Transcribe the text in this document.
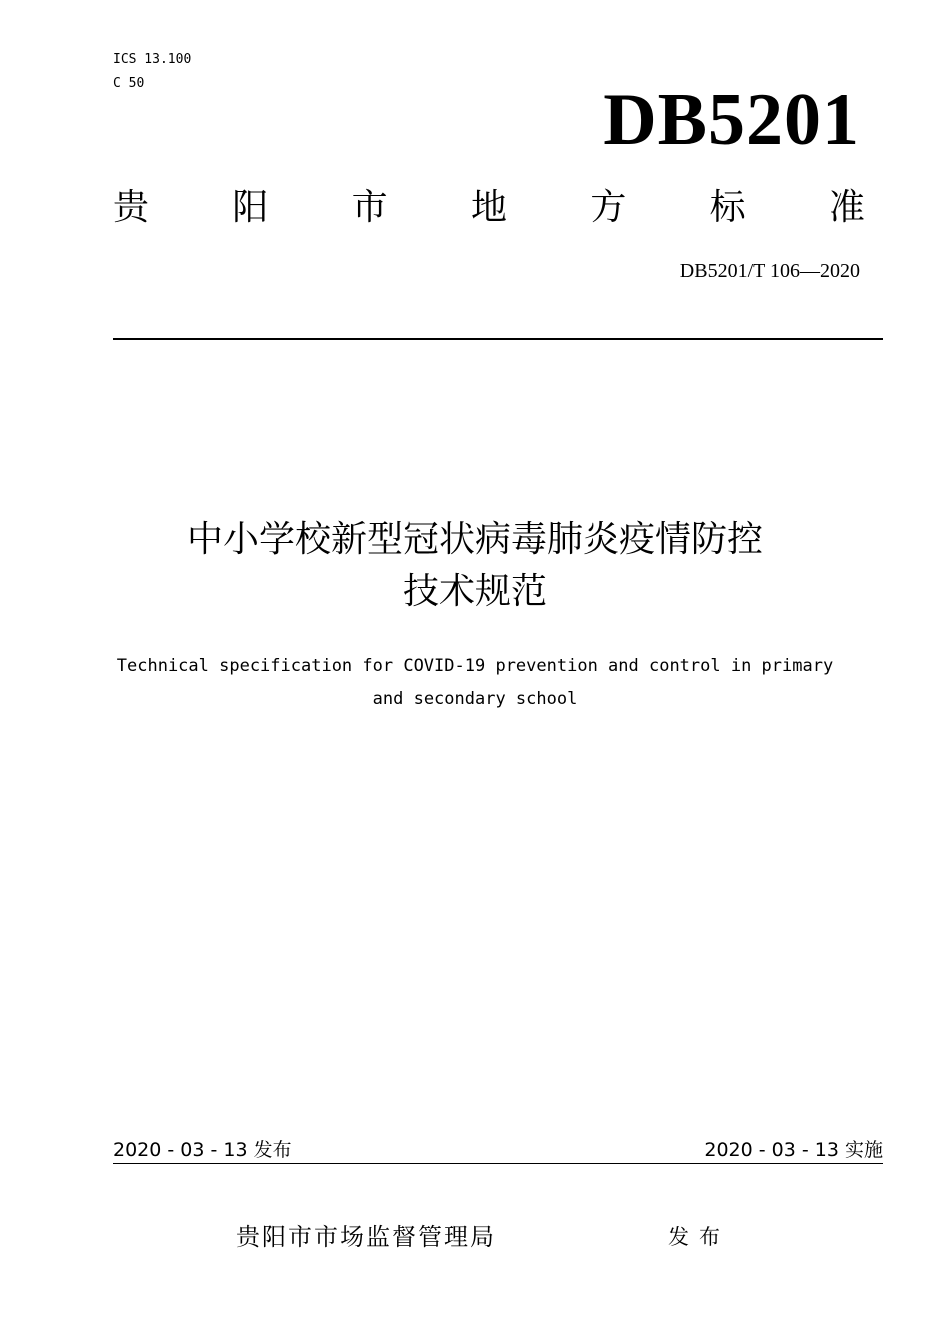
ICS 13.100
C 50	DB5201
贵 阳 市 地 方 标 准
DB5201/T 106—2020
中小学校新型冠状病毒肺炎疫情防控
技术规范
Technical specification for COVID-19 prevention and control in primary
and secondary school
2020 - 03 - 13 发布	2020 - 03 - 13 实施
贵阳市市场监督管理局	发布
